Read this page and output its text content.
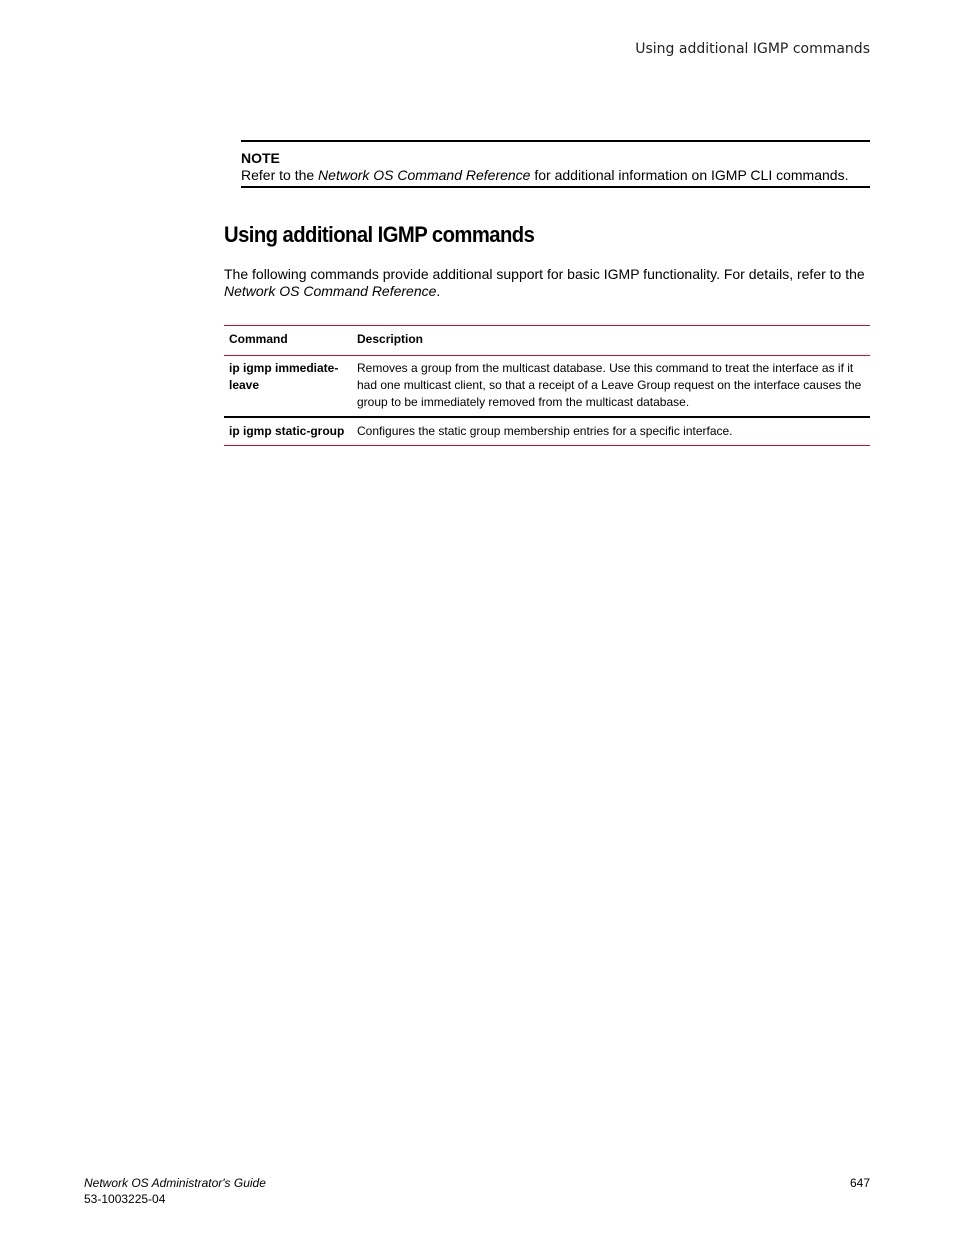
Using additional IGMP commands
NOTE
Refer to the Network OS Command Reference for additional information on IGMP CLI commands.
Using additional IGMP commands

The following commands provide additional support for basic IGMP functionality. For details, refer to the Network OS Command Reference.

Command	Description
ip igmp immediate-leave	Removes a group from the multicast database. Use this command to treat the interface as if it had one multicast client, so that a receipt of a Leave Group request on the interface causes the group to be immediately removed from the multicast database.
ip igmp static-group	Configures the static group membership entries for a specific interface.
Network OS Administrator's Guide
53-1003225-04
647
